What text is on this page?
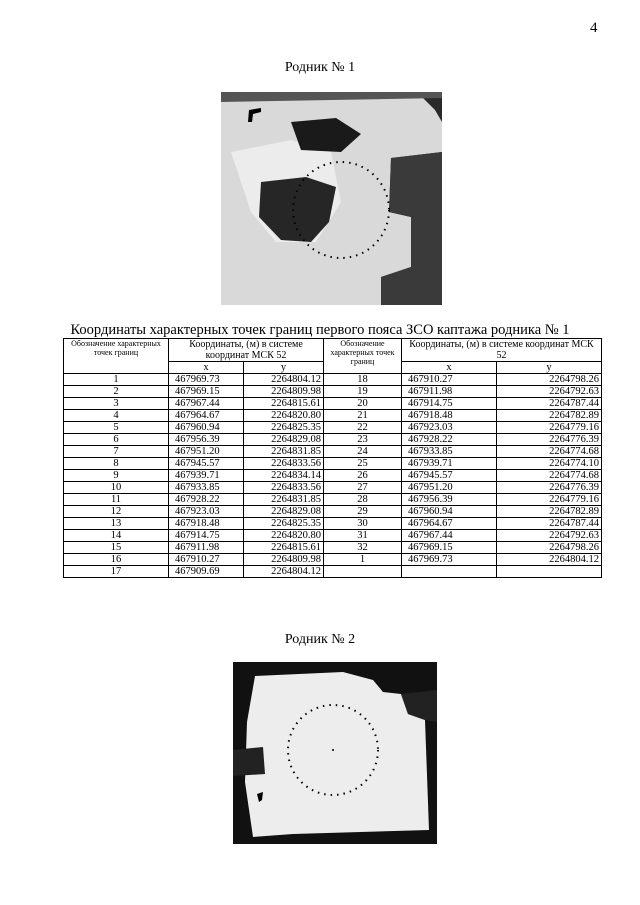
4
Родник № 1
Координаты характерных точек границ первого пояса ЗСО каптажа родника № 1
Обозначение характерных точек границ	Координаты, (м) в системе координат МСК 52		Обозначение характерных точек границ	Координаты, (м) в системе координат МСК 52	
	x	y		x	y
1	467969.73	2264804.12	18	467910.27	2264798.26
2	467969.15	2264809.98	19	467911.98	2264792.63
3	467967.44	2264815.61	20	467914.75	2264787.44
4	467964.67	2264820.80	21	467918.48	2264782.89
5	467960.94	2264825.35	22	467923.03	2264779.16
6	467956.39	2264829.08	23	467928.22	2264776.39
7	467951.20	2264831.85	24	467933.85	2264774.68
8	467945.57	2264833.56	25	467939.71	2264774.10
9	467939.71	2264834.14	26	467945.57	2264774.68
10	467933.85	2264833.56	27	467951.20	2264776.39
11	467928.22	2264831.85	28	467956.39	2264779.16
12	467923.03	2264829.08	29	467960.94	2264782.89
13	467918.48	2264825.35	30	467964.67	2264787.44
14	467914.75	2264820.80	31	467967.44	2264792.63
15	467911.98	2264815.61	32	467969.15	2264798.26
16	467910.27	2264809.98	1	467969.73	2264804.12
17	467909.69	2264804.12			
Родник № 2
